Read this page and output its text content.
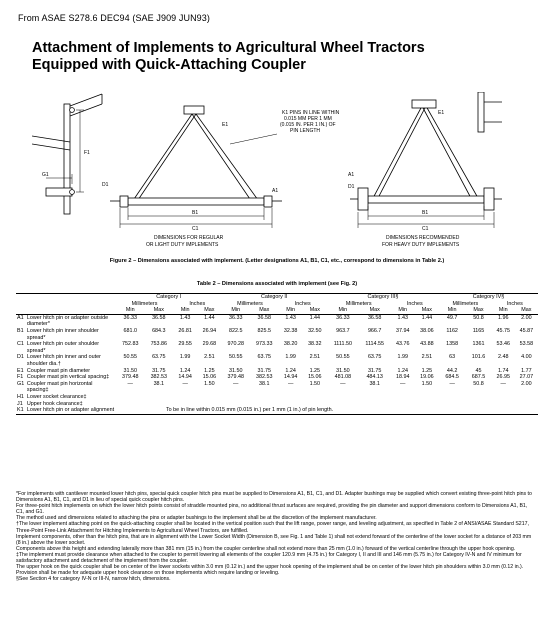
From ASAE S278.6 DEC94 (SAE J909 JUN93)
Attachment of Implements to Agricultural Wheel Tractors
Equipped with Quick-Attaching Coupler
K1 PINS IN LINE WITHIN
0.015 MM PER 1 MM
(0.015 IN. PER 1 IN.) OF
PIN LENGTH
E1
F1
G1
D1
A1
B1
C1
E1
A1
D1
B1
C1
DIMENSIONS FOR REGULAR
OR LIGHT DUTY IMPLEMENTS
DIMENSIONS RECOMMENDED
FOR HEAVY DUTY IMPLEMENTS
Figure 2 – Dimensions associated with implement. (Letter designations A1, B1, C1, etc., correspond to dimensions in Table 2.)
Table 2 – Dimensions associated with implement (see Fig. 2)
		Category I				Category II				Category III§				Category IV§			
		Millimeters		Inches		Millimeters		Inches		Millimeters		Inches		Millimeters		Inches	
		Min	Max	Min	Max	Min	Max	Min	Max	Min	Max	Min	Max	Min	Max	Min	Max
A1	Lower hitch pin or adapter outside diameter*	36.33	36.58	1.43	1.44	36.33	36.58	1.43	1.44	36.33	36.58	1.43	1.44	49.7	50.8	1.96	2.00
B1	Lower hitch pin inner shoulder spread*	681.0	684.3	26.81	26.94	822.5	825.5	32.38	32.50	963.7	966.7	37.94	38.06	1162	1165	45.75	45.87
C1	Lower hitch pin outer shoulder spread*	752.83	753.86	29.55	29.68	970.28	973.33	38.20	38.32	1111.50	1114.55	43.76	43.88	1358	1361	53.46	53.58
D1	Lower hitch pin inner and outer shoulder dia.†	50.55	63.75	1.99	2.51	50.55	63.75	1.99	2.51	50.55	63.75	1.99	2.51	63	101.6	2.48	4.00
E1	Coupler mast pin diameter	31.50	31.75	1.24	1.25	31.50	31.75	1.24	1.25	31.50	31.75	1.24	1.25	44.2	45	1.74	1.77
F1	Coupler mast pin vertical spacing‡	379.48	382.53	14.94	15.06	379.48	382.53	14.94	15.06	481.08	484.13	18.94	19.06	684.5	687.5	26.95	27.07
G1	Coupler mast pin horizontal spacing‡	—	38.1	—	1.50	—	38.1	—	1.50	—	38.1	—	1.50	—	50.8	—	2.00
H1	Lower socket clearance‡																
J1	Upper hook clearance‡																
K1	Lower hitch pin or adapter alignment	To be in line within 0.015 mm (0.015 in.) per 1 mm (1 in.) of pin length.															

*For implements with cantilever mounted lower hitch pins, special quick coupler hitch pins must be supplied to Dimensions A1, B1, C1, and D1. Adapter bushings may be supplied which convert existing three-point hitch pins to Dimensions A1, B1, C1, and D1 in lieu of special quick coupler hitch pins.

For three-point hitch implements on which the lower hitch points consist of straddle mounted pins, no additional thrust surfaces are required, providing the pin diameter and support dimensions conform to Dimensions A1, B1, C1, and G1.

The method used and dimensions related to attaching the pins or adapter bushings to the implement shall be at the discretion of the implement manufacturer.

†The lower implement attaching point on the quick-attaching coupler shall be located in the vertical position such that the lift range, power range, and leveling adjustment, as specified in Table 2 of ANSI/ASAE Standard S217, Three-Point Free-Link Attachment for Hitching Implements to Agricultural Wheel Tractors, are fulfilled.

Implement components, other than the hitch pins, that are in alignment with the Lower Socket Width (Dimension B, see Fig. 1 and Table 1) shall not extend forward of the centerline of the lower socket for a distance of 203 mm (8 in.) above the lower socket.

Components above this height and extending laterally more than 381 mm (15 in.) from the coupler centerline shall not extend more than 25 mm (1.0 in.) forward of the vertical centerline through the upper hook opening.

‡The implement must provide clearance when attached to the coupler to permit lowering all elements of the coupler 120.9 mm (4.75 in.) for Category I, II and III and 146 mm (5.75 in.) for Category IV-N and IV minimum for satisfactory attachment and detachment of the implement from the coupler.

The upper hook on the quick coupler shall be on center of the lower sockets within 3.0 mm (0.12 in.) and the upper hook opening of the implement shall be on center of the lower hitch pin shoulders within 3.0 mm (0.12 in.).

Provision shall be made for adequate upper hook clearance on those implements which require landing or leveling.

§See Section 4 for category IV-N or III-N, narrow hitch, dimensions.
